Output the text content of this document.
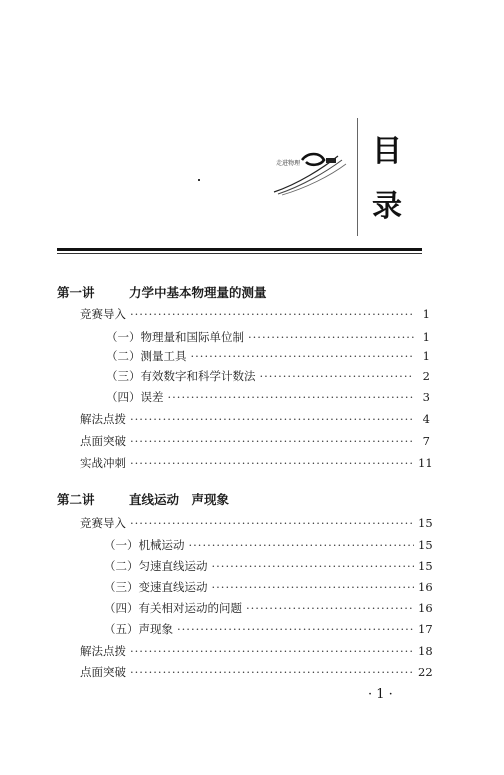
走进物理 目
录
第一讲	力学中基本物理量的测量
竞赛导入 ·····	1
（一）物理量和国际单位制 ·····	1
（二）测量工具 ·····	1
（三）有效数字和科学计数法 ·····	2
（四）误差 ·····	3
解法点拨 ·····	4
点面突破 ·····	7
实战冲刺 ·····	11
第二讲	直线运动　声现象
竞赛导入 ·····	15
（一）机械运动 ·····	15
（二）匀速直线运动 ·····	15
（三）变速直线运动 ·····	16
（四）有关相对运动的问题 ·····	16
（五）声现象 ·····	17
解法点拨 ·····	18
点面突破 ·····	22
· 1 ·
